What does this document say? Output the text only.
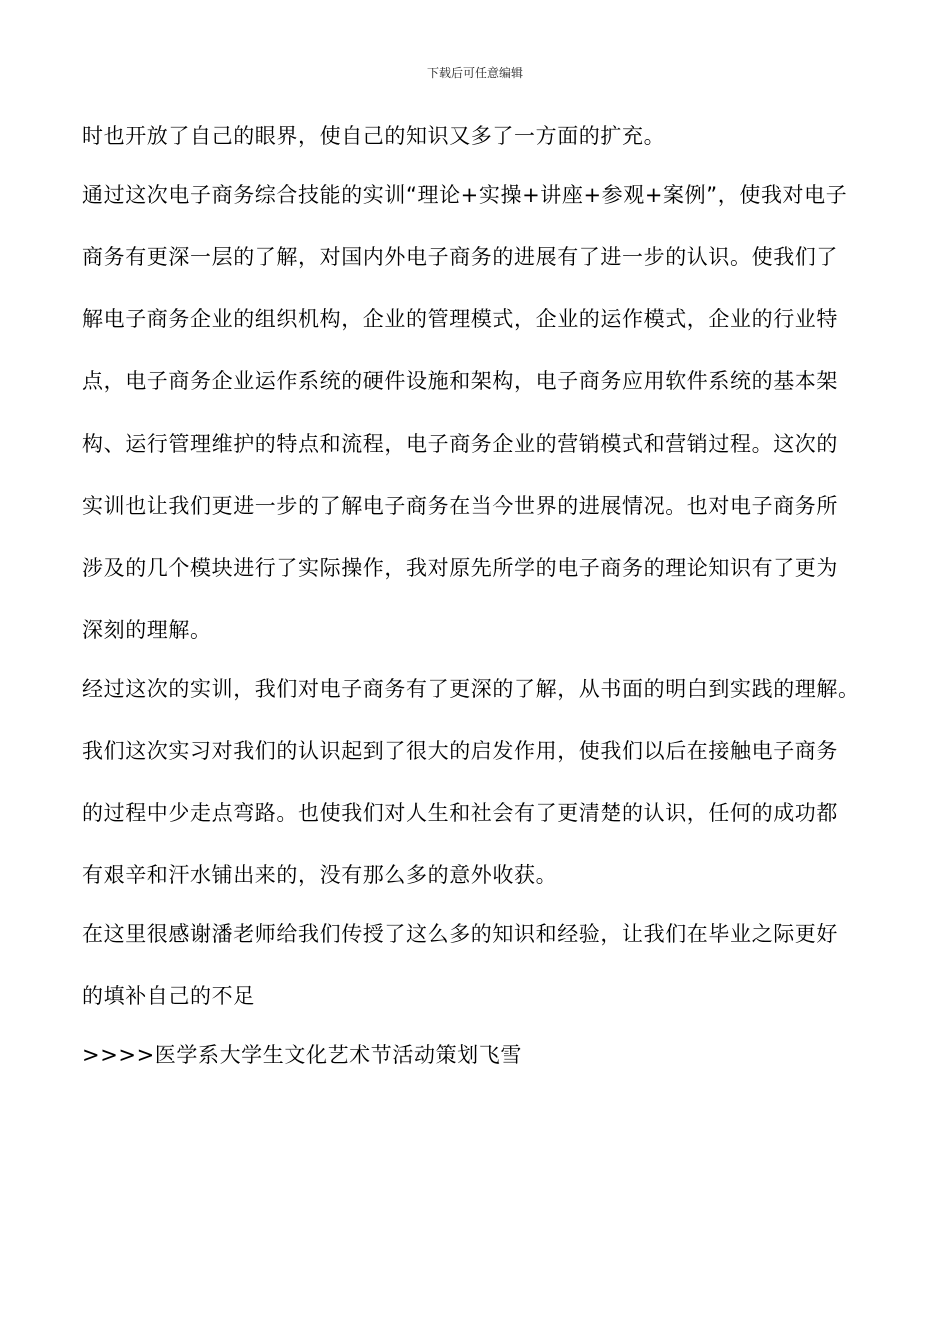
下载后可任意编辑
时也开放了自己的眼界，使自己的知识又多了一方面的扩充。
通过这次电子商务综合技能的实训“理论+实操+讲座+参观+案例”，使我对电子
商务有更深一层的了解，对国内外电子商务的进展有了进一步的认识。使我们了
解电子商务企业的组织机构，企业的管理模式，企业的运作模式，企业的行业特
点，电子商务企业运作系统的硬件设施和架构，电子商务应用软件系统的基本架
构、运行管理维护的特点和流程，电子商务企业的营销模式和营销过程。这次的
实训也让我们更进一步的了解电子商务在当今世界的进展情况。也对电子商务所
涉及的几个模块进行了实际操作，我对原先所学的电子商务的理论知识有了更为
深刻的理解。
经过这次的实训，我们对电子商务有了更深的了解，从书面的明白到实践的理解。
我们这次实习对我们的认识起到了很大的启发作用，使我们以后在接触电子商务
的过程中少走点弯路。也使我们对人生和社会有了更清楚的认识，任何的成功都
有艰辛和汗水铺出来的，没有那么多的意外收获。
在这里很感谢潘老师给我们传授了这么多的知识和经验，让我们在毕业之际更好
的填补自己的不足
>>>>医学系大学生文化艺术节活动策划飞雪
